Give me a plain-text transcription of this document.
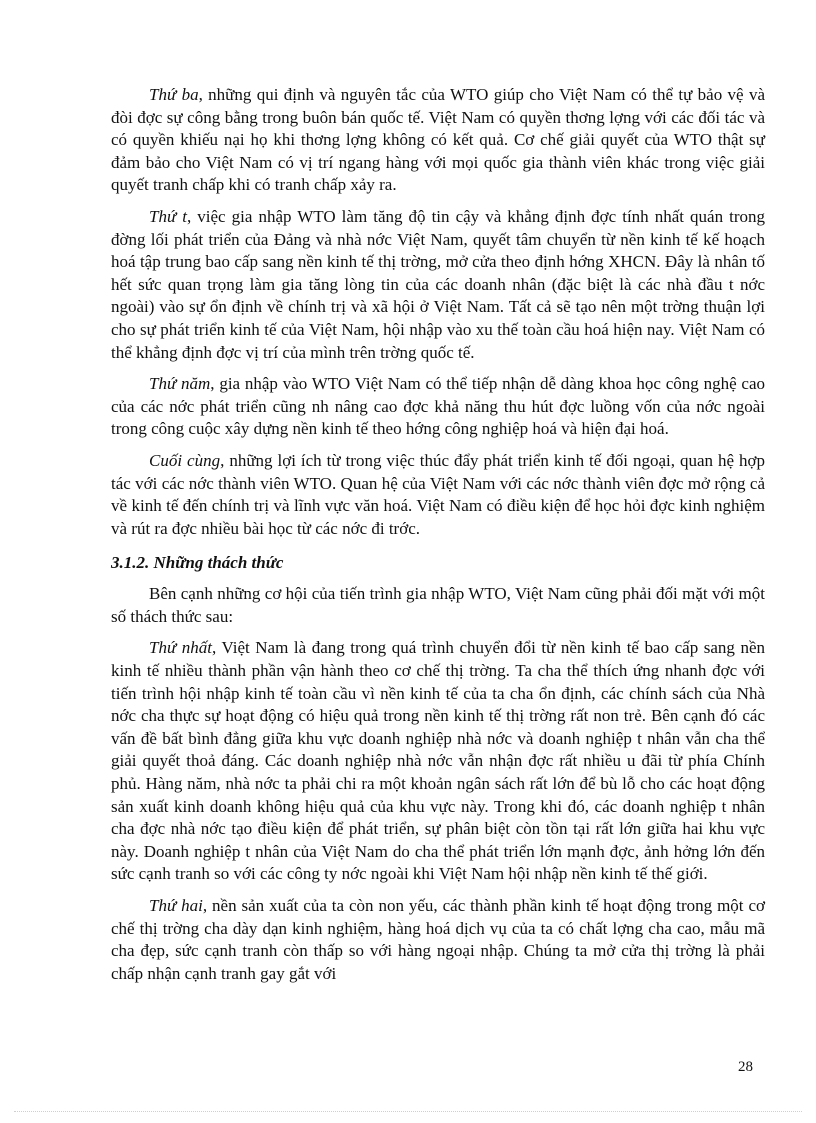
Thứ ba, những qui định và nguyên tắc của WTO giúp cho Việt Nam có thể tự bảo vệ và đòi đợc sự công bằng trong buôn bán quốc tế. Việt Nam có quyền thơng lợng với các đối tác và có quyền khiếu nại họ khi thơng lợng không có kết quả. Cơ chế giải quyết của WTO thật sự đảm bảo cho Việt Nam có vị trí ngang hàng với mọi quốc gia thành viên khác trong việc giải quyết tranh chấp khi có tranh chấp xảy ra.

Thứ t, việc gia nhập WTO làm tăng độ tin cậy và khẳng định đợc tính nhất quán trong đờng lối phát triển của Đảng và nhà nớc Việt Nam, quyết tâm chuyển từ nền kinh tế kế hoạch hoá tập trung bao cấp sang nền kinh tế thị trờng, mở cửa theo định hớng XHCN. Đây là nhân tố hết sức quan trọng làm gia tăng lòng tin của các doanh nhân (đặc biệt là các nhà đầu t nớc ngoài) vào sự ổn định về chính trị và xã hội ở Việt Nam. Tất cả sẽ tạo nên một trờng thuận lợi cho sự phát triển kinh tế của Việt Nam, hội nhập vào xu thế toàn cầu hoá hiện nay. Việt Nam có thể khẳng định đợc vị trí của mình trên trờng quốc tế.

Thứ năm, gia nhập vào WTO Việt Nam có thể tiếp nhận dễ dàng khoa học công nghệ cao của các nớc phát triển cũng nh nâng cao đợc khả năng thu hút đợc luồng vốn của nớc ngoài trong công cuộc xây dựng nền kinh tế theo hớng công nghiệp hoá và hiện đại hoá.

Cuối cùng, những lợi ích từ trong việc thúc đẩy phát triển kinh tế đối ngoại, quan hệ hợp tác với các nớc thành viên WTO. Quan hệ của Việt Nam với các nớc thành viên đợc mở rộng cả về kinh tế đến chính trị và lĩnh vực văn hoá. Việt Nam có điều kiện để học hỏi đợc kinh nghiệm và rút ra đợc nhiều bài học từ các nớc đi trớc.

3.1.2. Những thách thức

Bên cạnh những cơ hội của tiến trình gia nhập WTO, Việt Nam cũng phải đối mặt với một số thách thức sau:

Thứ nhất, Việt Nam là đang trong quá trình chuyển đổi từ nền kinh tế bao cấp sang nền kinh tế nhiều thành phần vận hành theo cơ chế thị trờng. Ta cha thể thích ứng nhanh đợc với tiến trình hội nhập kinh tế toàn cầu vì nền kinh tế của ta cha ổn định, các chính sách của Nhà nớc cha thực sự hoạt động có hiệu quả trong nền kinh tế thị trờng rất non trẻ. Bên cạnh đó các vấn đề bất bình đẳng giữa khu vực doanh nghiệp nhà nớc và doanh nghiệp t nhân vẫn cha thể giải quyết thoả đáng. Các doanh nghiệp nhà nớc vẫn nhận đợc rất nhiều u đãi từ phía Chính phủ. Hàng năm, nhà nớc ta phải chi ra một khoản ngân sách rất lớn để bù lỗ cho các hoạt động sản xuất kinh doanh không hiệu quả của khu vực này. Trong khi đó, các doanh nghiệp t nhân cha đợc nhà nớc tạo điều kiện để phát triển, sự phân biệt còn tồn tại rất lớn giữa hai khu vực này. Doanh nghiệp t nhân của Việt Nam do cha thể phát triển lớn mạnh đợc, ảnh hởng lớn đến sức cạnh tranh so với các công ty nớc ngoài khi Việt Nam hội nhập nền kinh tế thế giới.

Thứ hai, nền sản xuất của ta còn non yếu, các thành phần kinh tế hoạt động trong một cơ chế thị trờng cha dày dạn kinh nghiệm, hàng hoá dịch vụ của ta có chất lợng cha cao, mẫu mã cha đẹp, sức cạnh tranh còn thấp so với hàng ngoại nhập. Chúng ta mở cửa thị trờng là phải chấp nhận cạnh tranh gay gắt với

28
